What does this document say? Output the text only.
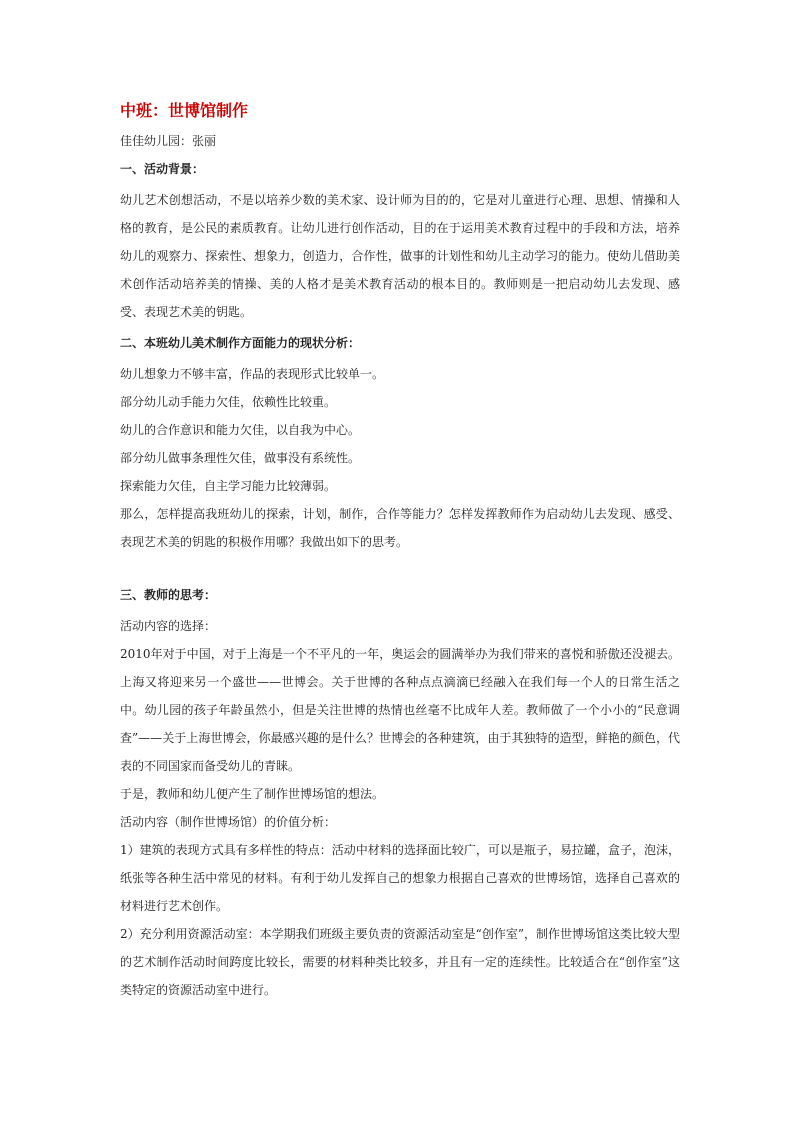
中班：世博馆制作
佳佳幼儿园：张丽
一、活动背景：

幼儿艺术创想活动，不是以培养少数的美术家、设计师为目的的，它是对儿童进行心理、思想、情操和人格的教育，是公民的素质教育。让幼儿进行创作活动，目的在于运用美术教育过程中的手段和方法，培养幼儿的观察力、探索性、想象力，创造力，合作性，做事的计划性和幼儿主动学习的能力。使幼儿借助美术创作活动培养美的情操、美的人格才是美术教育活动的根本目的。教师则是一把启动幼儿去发现、感受、表现艺术美的钥匙。

二、本班幼儿美术制作方面能力的现状分析：

幼儿想象力不够丰富，作品的表现形式比较单一。

部分幼儿动手能力欠佳，依赖性比较重。

幼儿的合作意识和能力欠佳，以自我为中心。

部分幼儿做事条理性欠佳，做事没有系统性。

探索能力欠佳，自主学习能力比较薄弱。

那么，怎样提高我班幼儿的探索，计划，制作，合作等能力？怎样发挥教师作为启动幼儿去发现、感受、表现艺术美的钥匙的积极作用哪？我做出如下的思考。

三、教师的思考：

活动内容的选择：

2010年对于中国，对于上海是一个不平凡的一年，奥运会的圆满举办为我们带来的喜悦和骄傲还没褪去。上海又将迎来另一个盛世——世博会。关于世博的各种点点滴滴已经融入在我们每一个人的日常生活之中。幼儿园的孩子年龄虽然小，但是关注世博的热情也丝毫不比成年人差。教师做了一个小小的“民意调查”——关于上海世博会，你最感兴趣的是什么？世博会的各种建筑，由于其独特的造型，鲜艳的颜色，代表的不同国家而备受幼儿的青睐。

于是，教师和幼儿便产生了制作世博场馆的想法。

活动内容（制作世博场馆）的价值分析：

1）建筑的表现方式具有多样性的特点：活动中材料的选择面比较广，可以是瓶子，易拉罐，盒子，泡沫，纸张等各种生活中常见的材料。有利于幼儿发挥自己的想象力根据自己喜欢的世博场馆，选择自己喜欢的材料进行艺术创作。

2）充分利用资源活动室：本学期我们班级主要负责的资源活动室是“创作室”，制作世博场馆这类比较大型的艺术制作活动时间跨度比较长，需要的材料种类比较多，并且有一定的连续性。比较适合在“创作室”这类特定的资源活动室中进行。
